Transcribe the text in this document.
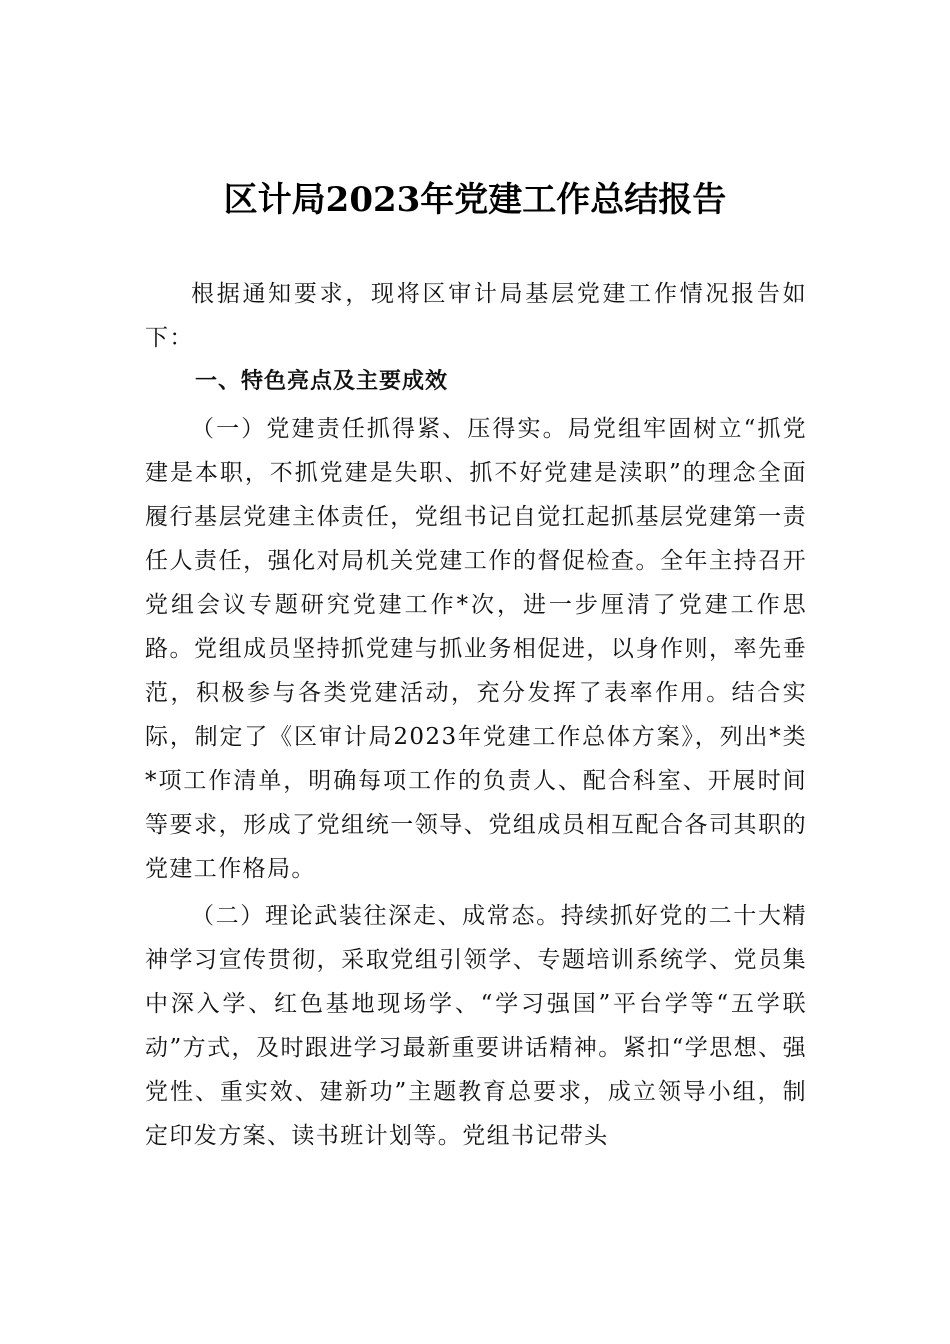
区计局2023年党建工作总结报告

根据通知要求，现将区审计局基层党建工作情况报告如下：

一、特色亮点及主要成效

（一）党建责任抓得紧、压得实。局党组牢固树立“抓党建是本职，不抓党建是失职、抓不好党建是渎职”的理念全面履行基层党建主体责任，党组书记自觉扛起抓基层党建第一责任人责任，强化对局机关党建工作的督促检查。全年主持召开党组会议专题研究党建工作*次，进一步厘清了党建工作思路。党组成员坚持抓党建与抓业务相促进，以身作则，率先垂范，积极参与各类党建活动，充分发挥了表率作用。结合实际，制定了《区审计局2023年党建工作总体方案》，列出*类*项工作清单，明确每项工作的负责人、配合科室、开展时间等要求，形成了党组统一领导、党组成员相互配合各司其职的党建工作格局。

（二）理论武装往深走、成常态。持续抓好党的二十大精神学习宣传贯彻，采取党组引领学、专题培训系统学、党员集中深入学、红色基地现场学、“学习强国”平台学等“五学联动”方式，及时跟进学习最新重要讲话精神。紧扣“学思想、强党性、重实效、建新功”主题教育总要求，成立领导小组，制定印发方案、读书班计划等。党组书记带头
